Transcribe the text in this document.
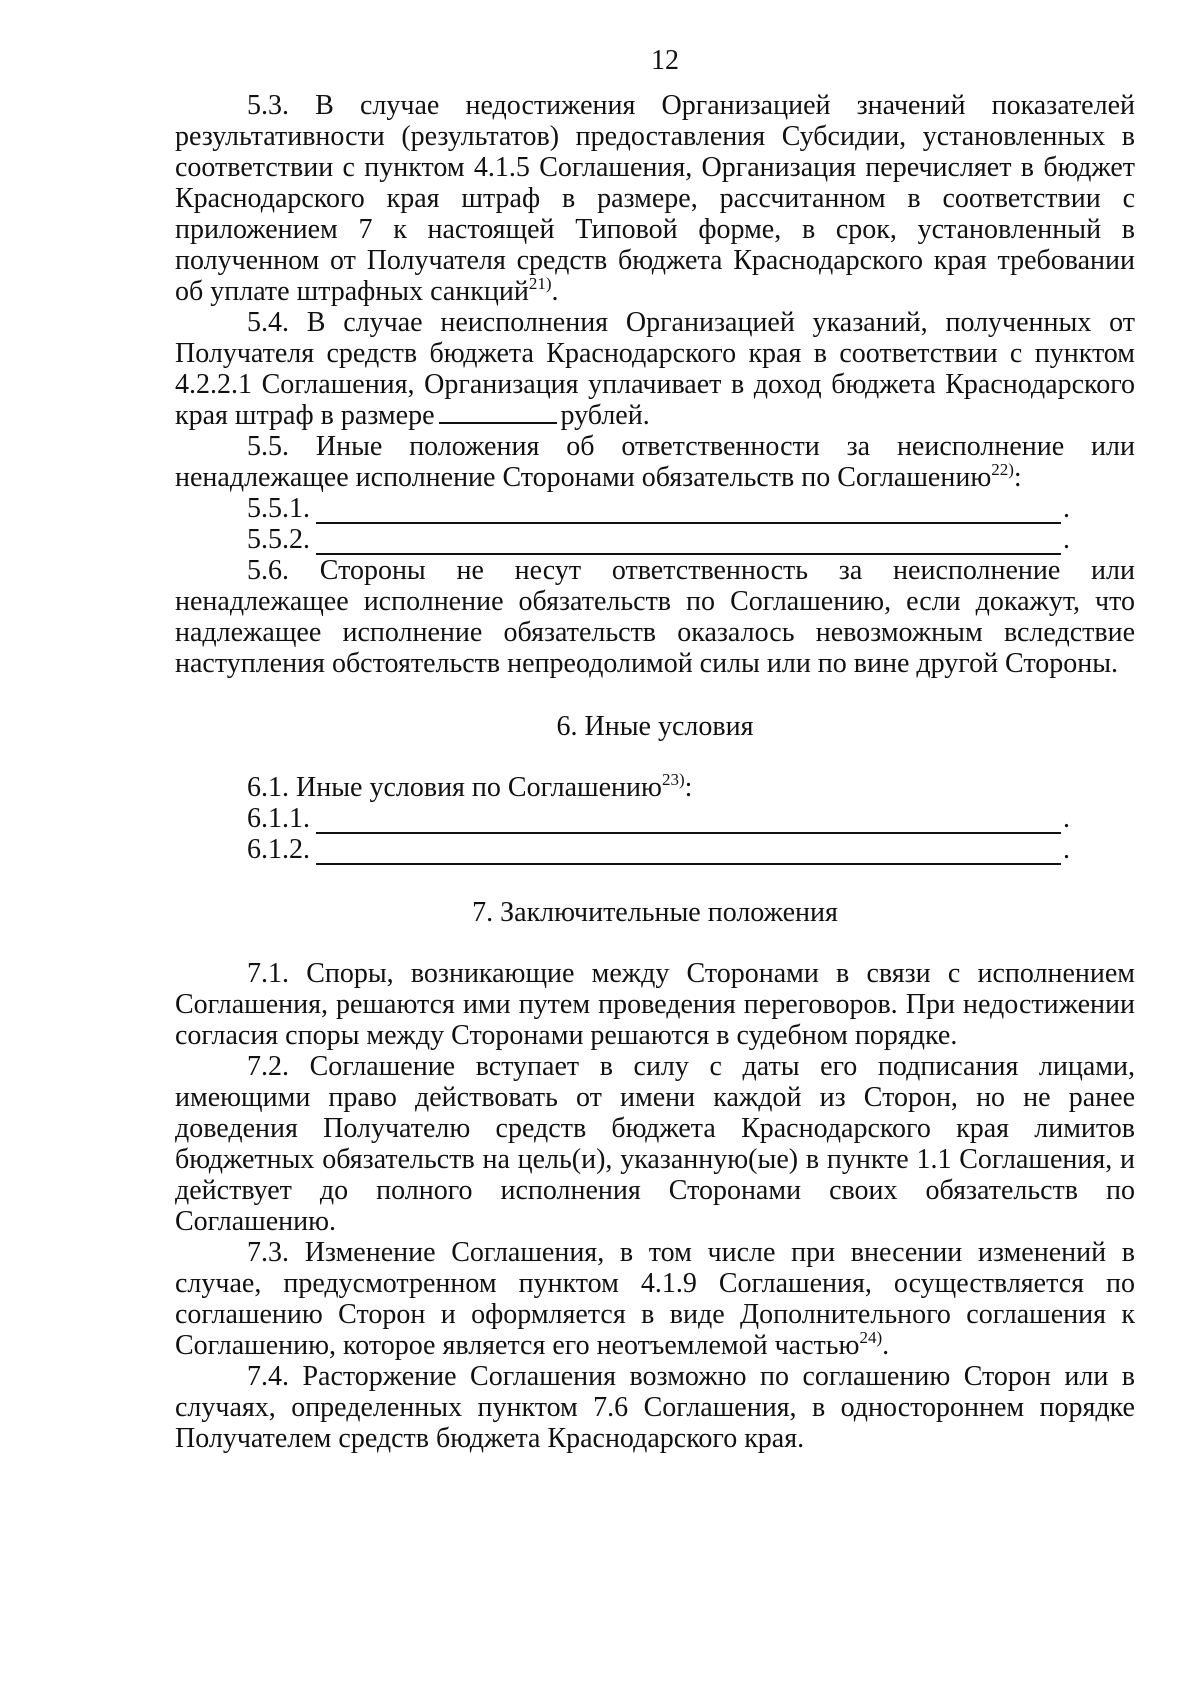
12

5.3. В случае недостижения Организацией значений показателей результативности (результатов) предоставления Субсидии, установленных в соответствии с пунктом 4.1.5 Соглашения, Организация перечисляет в бюджет Краснодарского края штраф в размере, рассчитанном в соответствии с приложением 7 к настоящей Типовой форме, в срок, установленный в полученном от Получателя средств бюджета Краснодарского края требовании об уплате штрафных санкций$^{21)}$.

5.4. В случае неисполнения Организацией указаний, полученных от Получателя средств бюджета Краснодарского края в соответствии с пунктом 4.2.2.1 Соглашения, Организация уплачивает в доход бюджета Краснодарского края штраф в размере	рублей.

5.5. Иные положения об ответственности за неисполнение или ненадлежащее исполнение Сторонами обязательств по Соглашению$^{22)}$:

5.5.1.	.
5.5.2.	.

5.6. Стороны не несут ответственность за неисполнение или ненадлежащее исполнение обязательств по Соглашению, если докажут, что надлежащее исполнение обязательств оказалось невозможным вследствие наступления обстоятельств непреодолимой силы или по вине другой Стороны.

6. Иные условия

6.1. Иные условия по Соглашению$^{23)}$:

6.1.1.	.
6.1.2.	.

7. Заключительные положения

7.1. Споры, возникающие между Сторонами в связи с исполнением Соглашения, решаются ими путем проведения переговоров. При недостижении согласия споры между Сторонами решаются в судебном порядке.

7.2. Соглашение вступает в силу с даты его подписания лицами, имеющими право действовать от имени каждой из Сторон, но не ранее доведения Получателю средств бюджета Краснодарского края лимитов бюджетных обязательств на цель(и), указанную(ые) в пункте 1.1 Соглашения, и действует до полного исполнения Сторонами своих обязательств по Соглашению.

7.3. Изменение Соглашения, в том числе при внесении изменений в случае, предусмотренном пунктом 4.1.9 Соглашения, осуществляется по соглашению Сторон и оформляется в виде Дополнительного соглашения к Соглашению, которое является его неотъемлемой частью$^{24)}$.

7.4. Расторжение Соглашения возможно по соглашению Сторон или в случаях, определенных пунктом 7.6 Соглашения, в одностороннем порядке Получателем средств бюджета Краснодарского края.
